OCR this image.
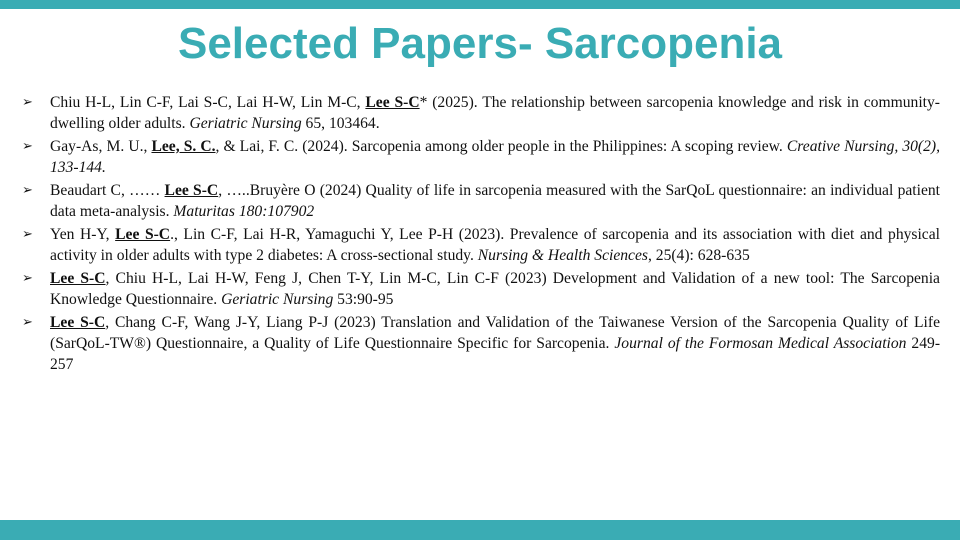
Selected Papers- Sarcopenia
➢ Chiu H-L, Lin C-F, Lai S-C, Lai H-W, Lin M-C, Lee S-C* (2025). The relationship between sarcopenia knowledge and risk in community-dwelling older adults. Geriatric Nursing 65, 103464.
➢ Gay-As, M. U., Lee, S. C., & Lai, F. C. (2024). Sarcopenia among older people in the Philippines: A scoping review. Creative Nursing, 30(2), 133-144.
➢ Beaudart C, …… Lee S-C, …..Bruyère O (2024) Quality of life in sarcopenia measured with the SarQoL questionnaire: an individual patient data meta-analysis. Maturitas 180:107902
➢ Yen H-Y, Lee S-C., Lin C-F, Lai H-R, Yamaguchi Y, Lee P-H (2023). Prevalence of sarcopenia and its association with diet and physical activity in older adults with type 2 diabetes: A cross-sectional study. Nursing & Health Sciences, 25(4): 628-635
➢ Lee S-C, Chiu H-L, Lai H-W, Feng J, Chen T-Y, Lin M-C, Lin C-F (2023) Development and Validation of a new tool: The Sarcopenia Knowledge Questionnaire. Geriatric Nursing 53:90-95
➢ Lee S-C, Chang C-F, Wang J-Y, Liang P-J (2023) Translation and Validation of the Taiwanese Version of the Sarcopenia Quality of Life (SarQoL-TW®) Questionnaire, a Quality of Life Questionnaire Specific for Sarcopenia. Journal of the Formosan Medical Association 249-257
